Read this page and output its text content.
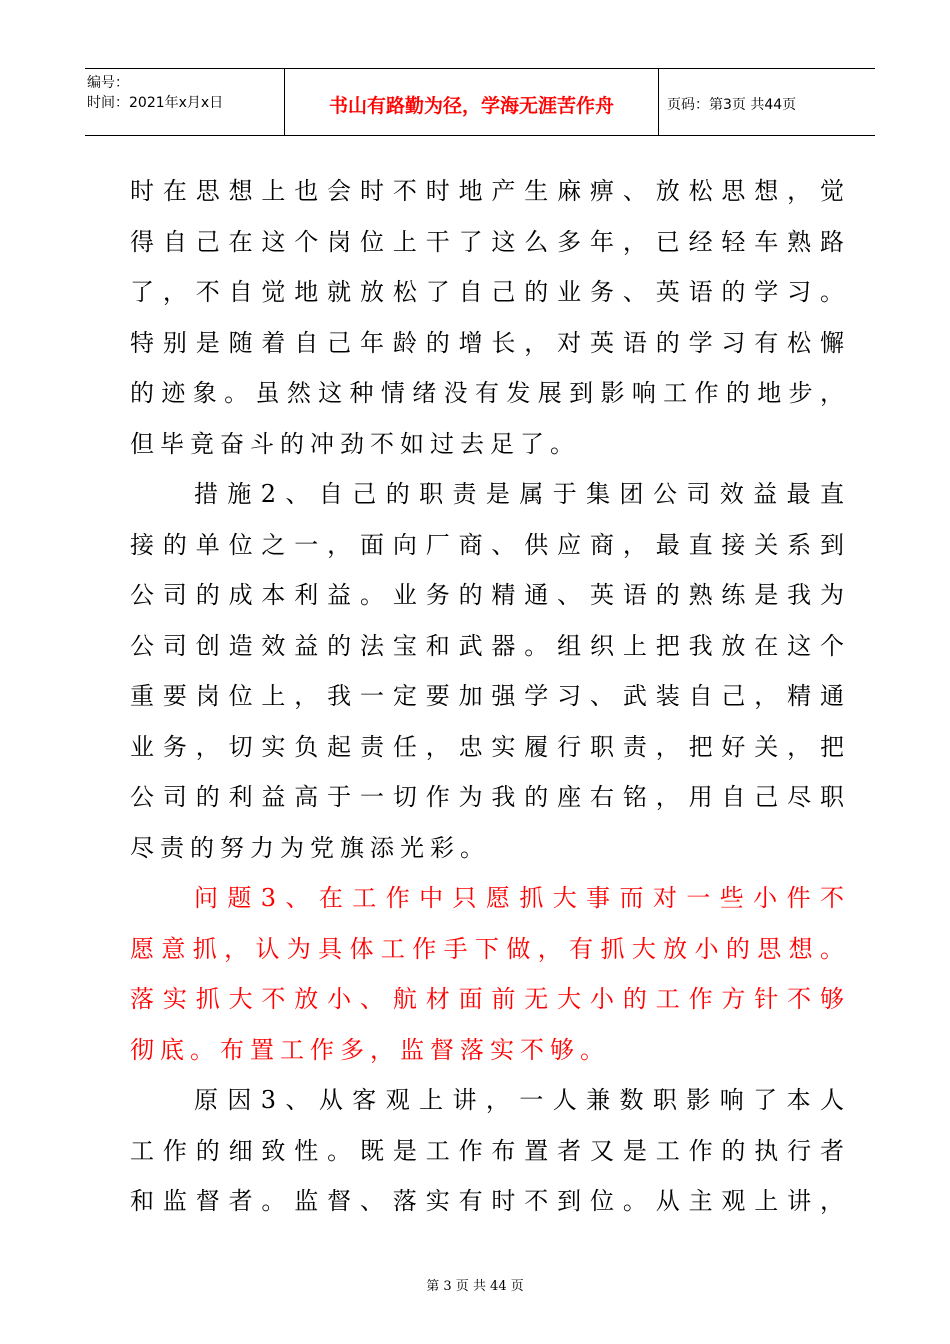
编号：
时间：2021年x月x日	书山有路勤为径，学海无涯苦作舟	页码：第3页 共44页
时在思想上也会时不时地产生麻痹、放松思想，觉
得自己在这个岗位上干了这么多年，已经轻车熟路
了，不自觉地就放松了自己的业务、英语的学习。
特别是随着自己年龄的增长，对英语的学习有松懈
的迹象。虽然这种情绪没有发展到影响工作的地步，
但毕竟奋斗的冲劲不如过去足了。
措施2、自己的职责是属于集团公司效益最直
接的单位之一，面向厂商、供应商，最直接关系到
公司的成本利益。业务的精通、英语的熟练是我为
公司创造效益的法宝和武器。组织上把我放在这个
重要岗位上，我一定要加强学习、武装自己，精通
业务，切实负起责任，忠实履行职责，把好关，把
公司的利益高于一切作为我的座右铭，用自己尽职
尽责的努力为党旗添光彩。
问题3、在工作中只愿抓大事而对一些小件不
愿意抓，认为具体工作手下做，有抓大放小的思想。
落实抓大不放小、航材面前无大小的工作方针不够
彻底。布置工作多，监督落实不够。
原因3、从客观上讲，一人兼数职影响了本人
工作的细致性。既是工作布置者又是工作的执行者
和监督者。监督、落实有时不到位。从主观上讲，
第 3 页 共 44 页
